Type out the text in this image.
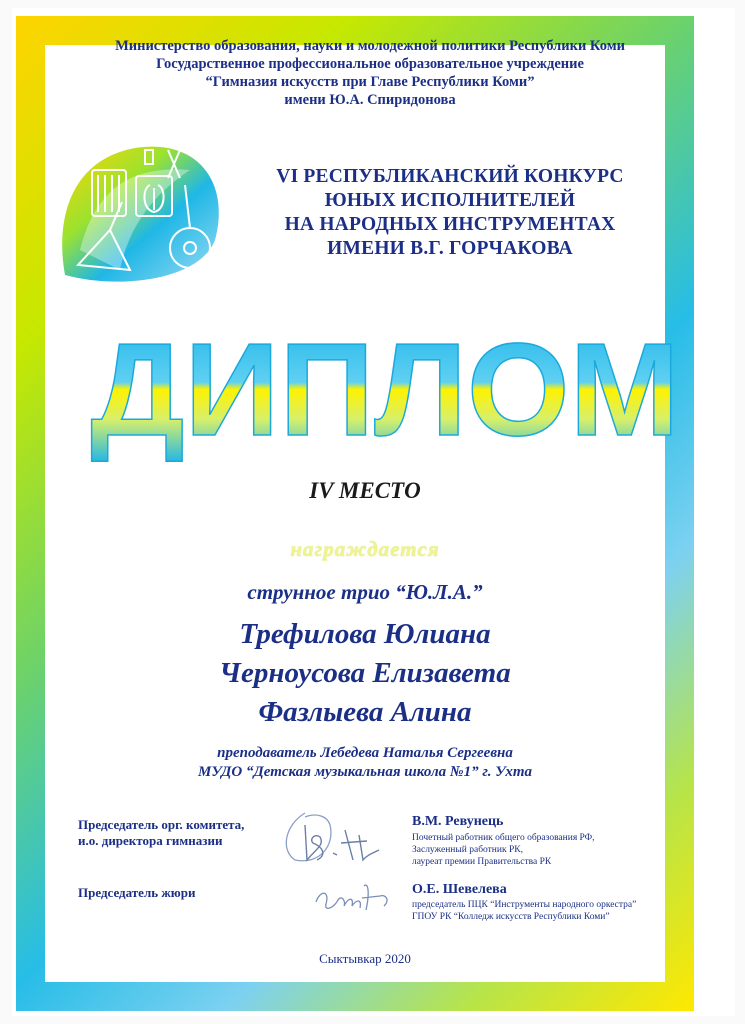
Министерство образования, науки и молодежной политики Республики Коми
Государственное профессиональное образовательное учреждение
“Гимназия искусств при Главе Республики Коми”
имени Ю.А. Спиридонова
VI РЕСПУБЛИКАНСКИЙ КОНКУРС
ЮНЫХ ИСПОЛНИТЕЛЕЙ
НА НАРОДНЫХ ИНСТРУМЕНТАХ
ИМЕНИ В.Г. ГОРЧАКОВА
ДИПЛОМ
IV МЕСТО
награждается
струнное трио “Ю.Л.А.”
Трефилова Юлиана
Черноусова Елизавета
Фазлыева Алина
преподаватель Лебедева Наталья Сергеевна
МУДО “Детская музыкальная школа №1” г. Ухта
Председатель орг. комитета,
и.о. директора гимназии
В.М. Ревунець
Почетный работник общего образования РФ,
Заслуженный работник РК,
лауреат премии Правительства РК
Председатель жюри	О.Е. Шевелева
председатель ПЦК “Инструменты народного оркестра”
ГПОУ РК “Колледж искусств Республики Коми”
Сыктывкар 2020
